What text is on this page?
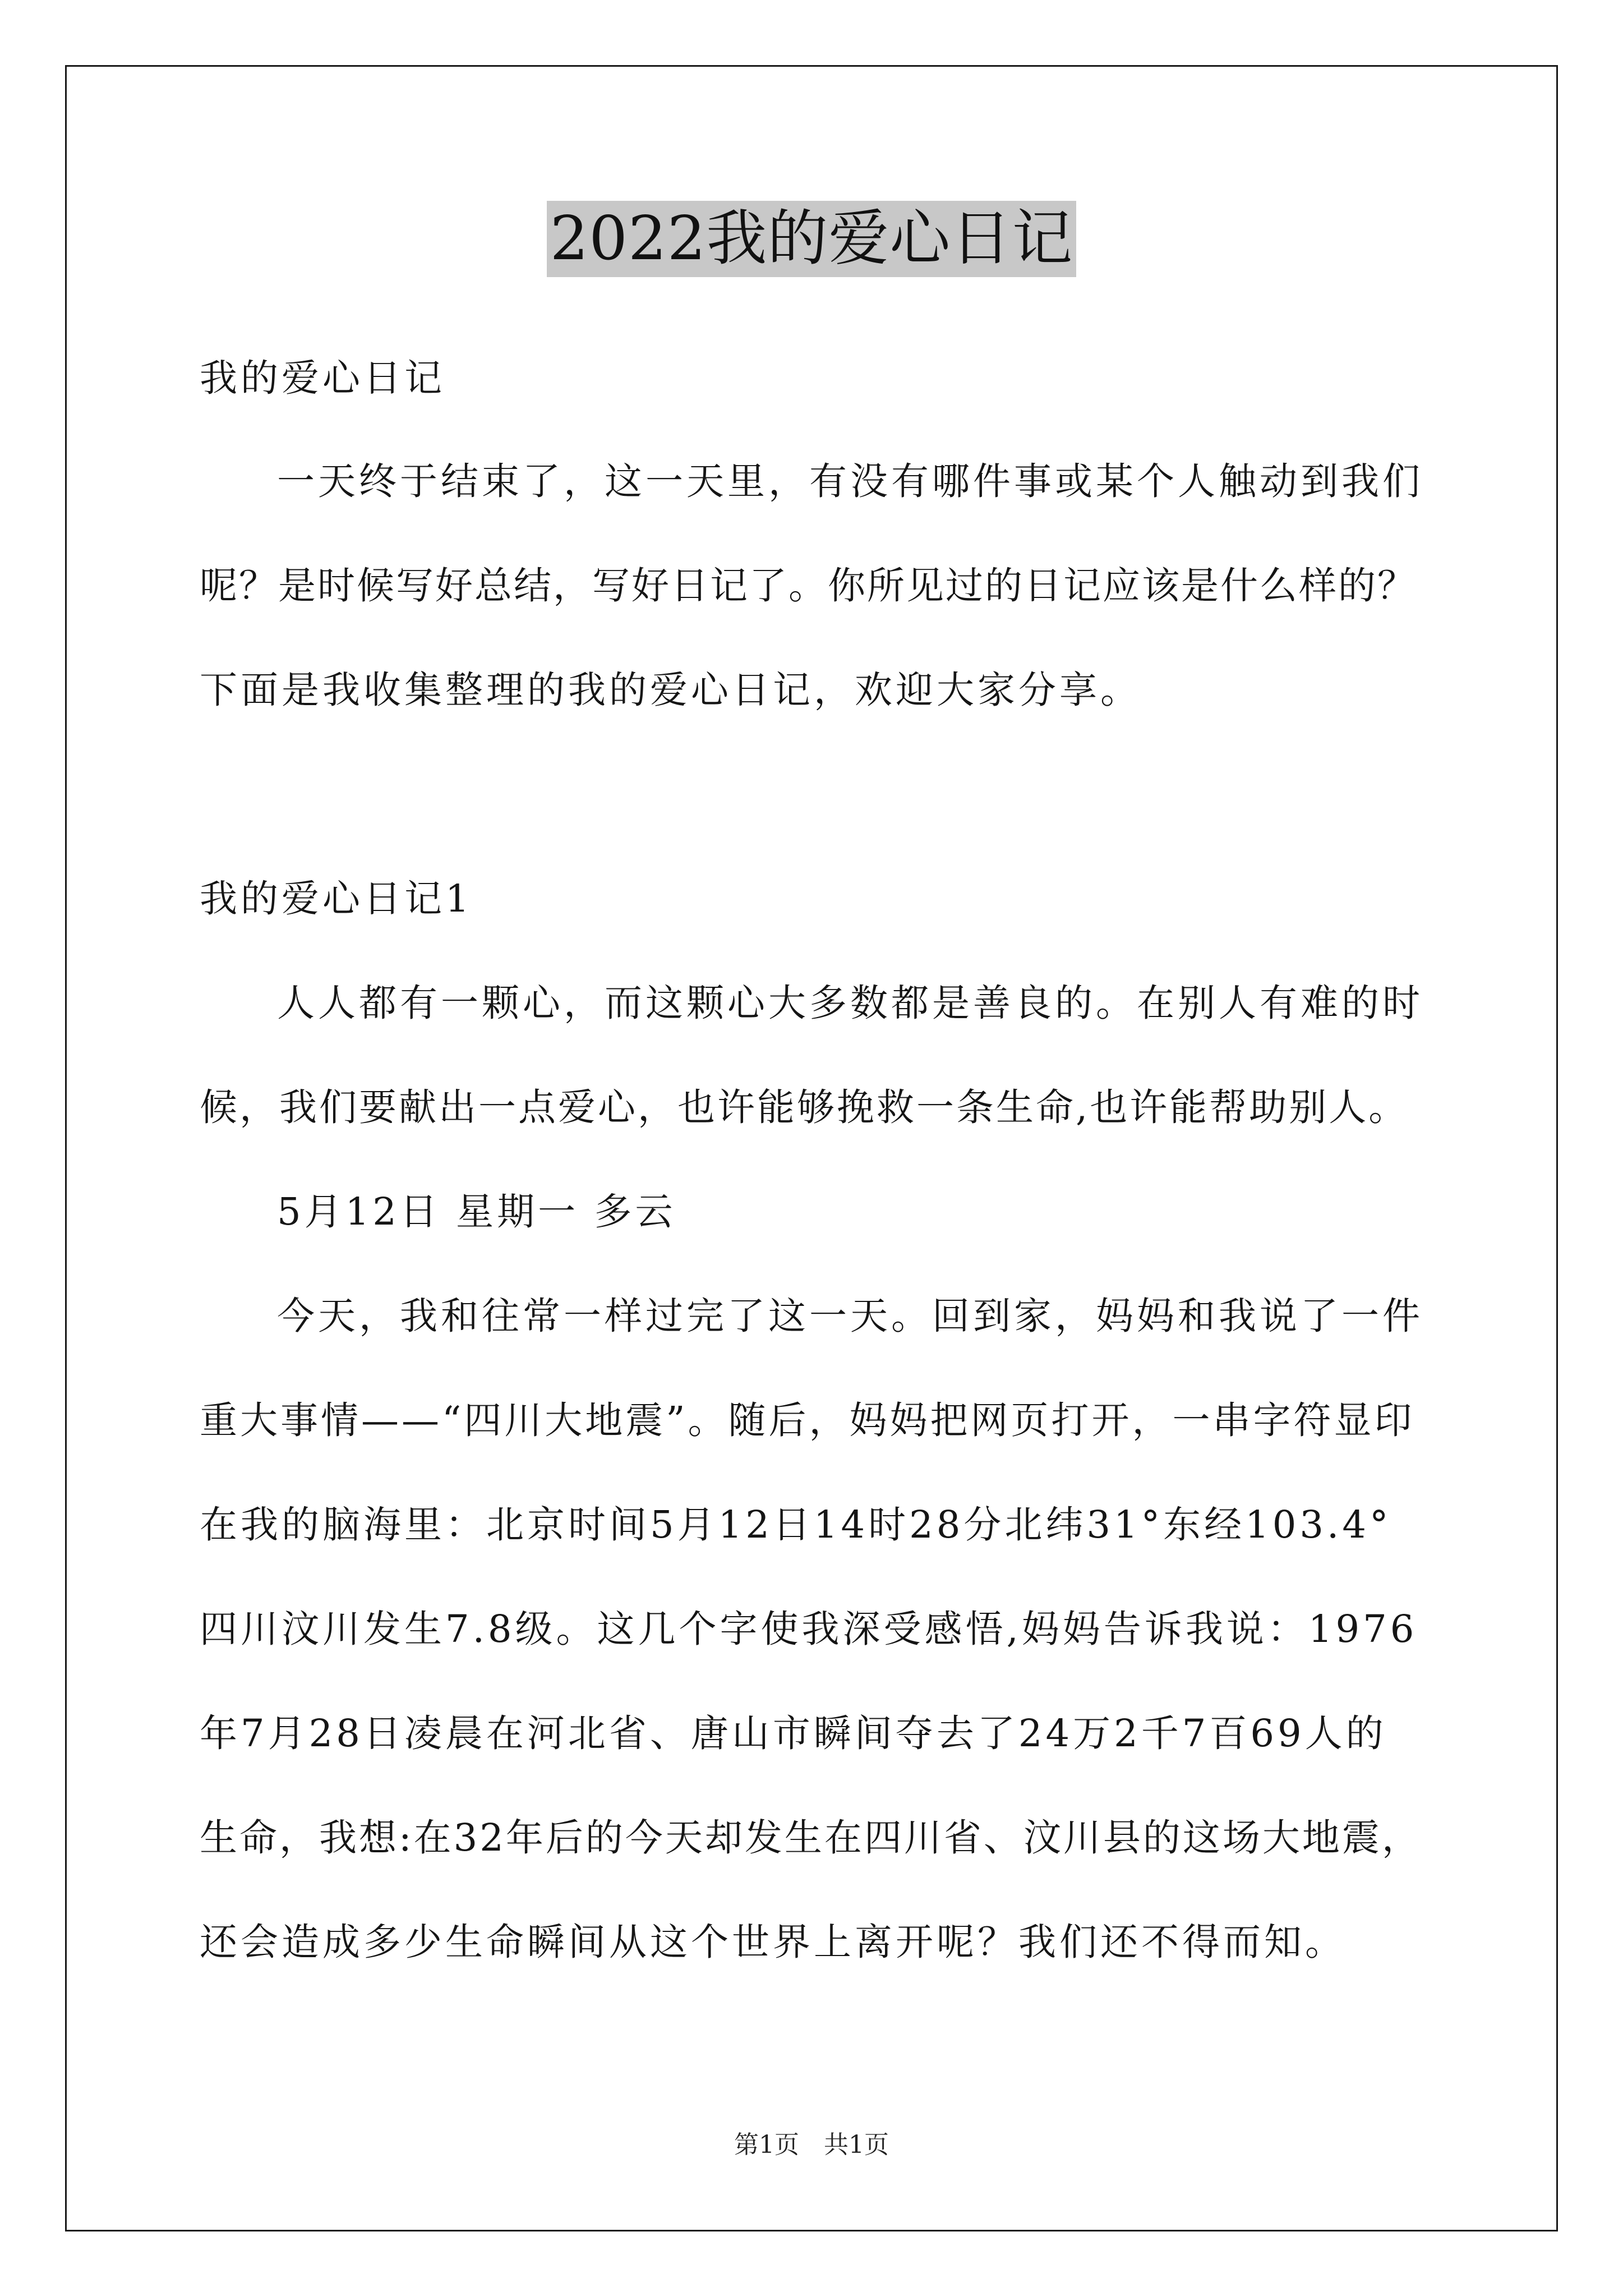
2022我的爱心日记
我的爱心日记
一天终于结束了，这一天里，有没有哪件事或某个人触动到我们
呢？是时候写好总结，写好日记了。你所见过的日记应该是什么样的？
下面是我收集整理的我的爱心日记，欢迎大家分享。
我的爱心日记1
人人都有一颗心，而这颗心大多数都是善良的。在别人有难的时
候，我们要献出一点爱心，也许能够挽救一条生命,也许能帮助别人。
5月12日 星期一 多云
今天，我和往常一样过完了这一天。回到家，妈妈和我说了一件
重大事情——“四川大地震”。随后，妈妈把网页打开，一串字符显印
在我的脑海里：北京时间5月12日14时28分北纬31°东经103.4°
四川汶川发生7.8级。这几个字使我深受感悟,妈妈告诉我说：1976
年7月28日凌晨在河北省、唐山市瞬间夺去了24万2千7百69人的
生命，我想:在32年后的今天却发生在四川省、汶川县的这场大地震，
还会造成多少生命瞬间从这个世界上离开呢？我们还不得而知。
第1页　共1页
